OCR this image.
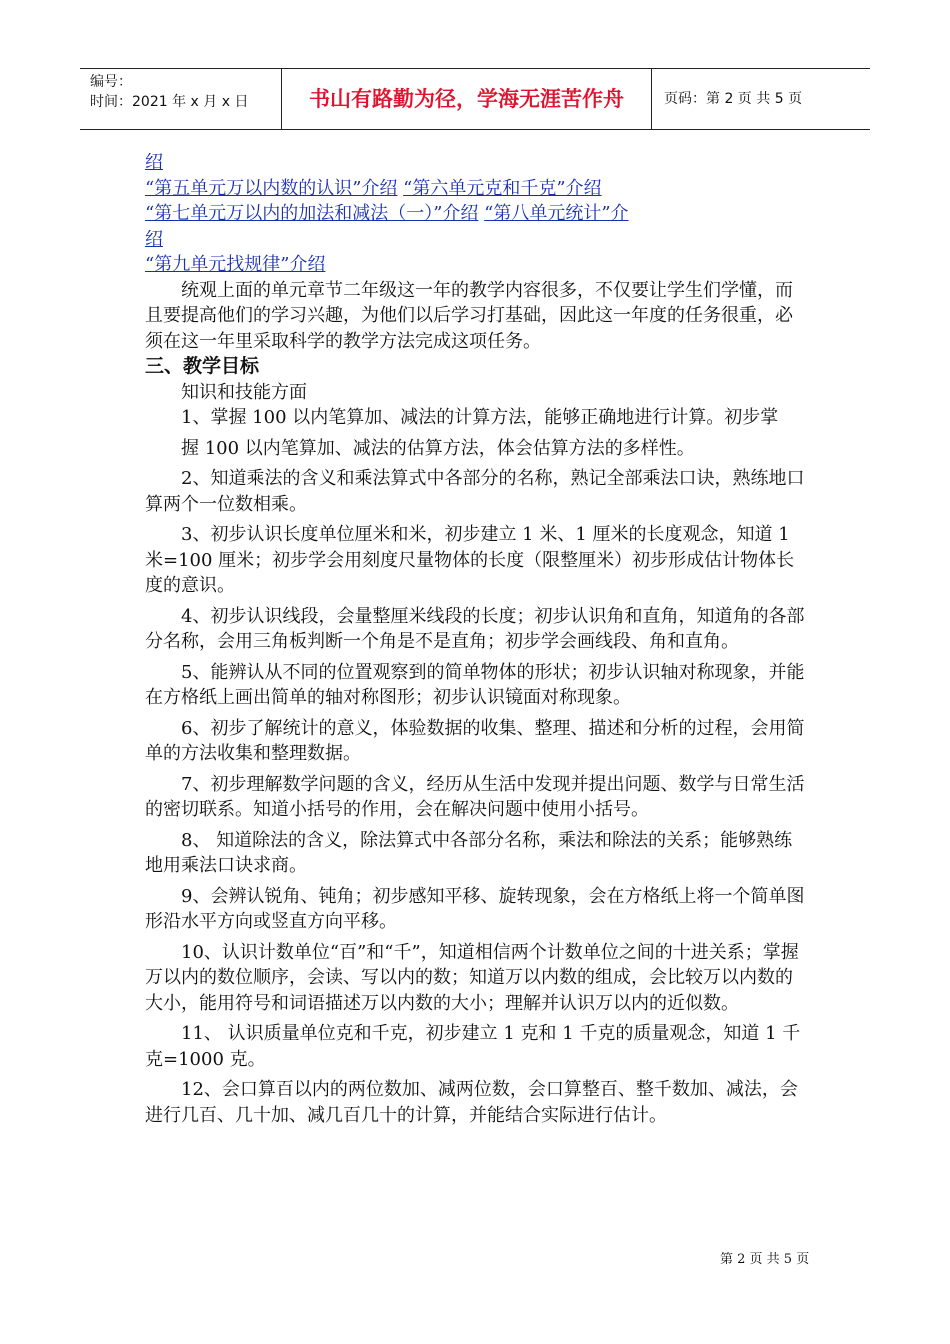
编号：
时间：2021 年 x 月 x 日	书山有路勤为径，学海无涯苦作舟	页码：第 2 页 共 5 页

绍

“第五单元万以内数的认识”介绍 “第六单元克和千克”介绍

“第七单元万以内的加法和减法（一）”介绍 “第八单元统计”介

绍

“第九单元找规律”介绍

统观上面的单元章节二年级这一年的教学内容很多，不仅要让学生们学懂，而且要提高他们的学习兴趣，为他们以后学习打基础，因此这一年度的任务很重，必须在这一年里采取科学的教学方法完成这项任务。

三、教学目标

知识和技能方面

1、掌握 100 以内笔算加、减法的计算方法，能够正确地进行计算。初步掌

握 100 以内笔算加、减法的估算方法，体会估算方法的多样性。

2、知道乘法的含义和乘法算式中各部分的名称，熟记全部乘法口诀，熟练地口算两个一位数相乘。

3、初步认识长度单位厘米和米，初步建立 1 米、1 厘米的长度观念，知道 1 米=100 厘米；初步学会用刻度尺量物体的长度（限整厘米）初步形成估计物体长度的意识。

4、初步认识线段，会量整厘米线段的长度；初步认识角和直角，知道角的各部分名称，会用三角板判断一个角是不是直角；初步学会画线段、角和直角。

5、能辨认从不同的位置观察到的简单物体的形状；初步认识轴对称现象，并能在方格纸上画出简单的轴对称图形；初步认识镜面对称现象。

6、初步了解统计的意义，体验数据的收集、整理、描述和分析的过程，会用简单的方法收集和整理数据。

7、初步理解数学问题的含义，经历从生活中发现并提出问题、数学与日常生活的密切联系。知道小括号的作用，会在解决问题中使用小括号。

8、 知道除法的含义，除法算式中各部分名称，乘法和除法的关系；能够熟练地用乘法口诀求商。

9、会辨认锐角、钝角；初步感知平移、旋转现象，会在方格纸上将一个简单图形沿水平方向或竖直方向平移。

10、认识计数单位“百”和“千”，知道相信两个计数单位之间的十进关系；掌握万以内的数位顺序，会读、写以内的数；知道万以内数的组成，会比较万以内数的大小，能用符号和词语描述万以内数的大小；理解并认识万以内的近似数。

11、 认识质量单位克和千克，初步建立 1 克和 1 千克的质量观念，知道 1 千克=1000 克。

12、会口算百以内的两位数加、减两位数，会口算整百、整千数加、减法，会进行几百、几十加、减几百几十的计算，并能结合实际进行估计。

第 2 页 共 5 页
